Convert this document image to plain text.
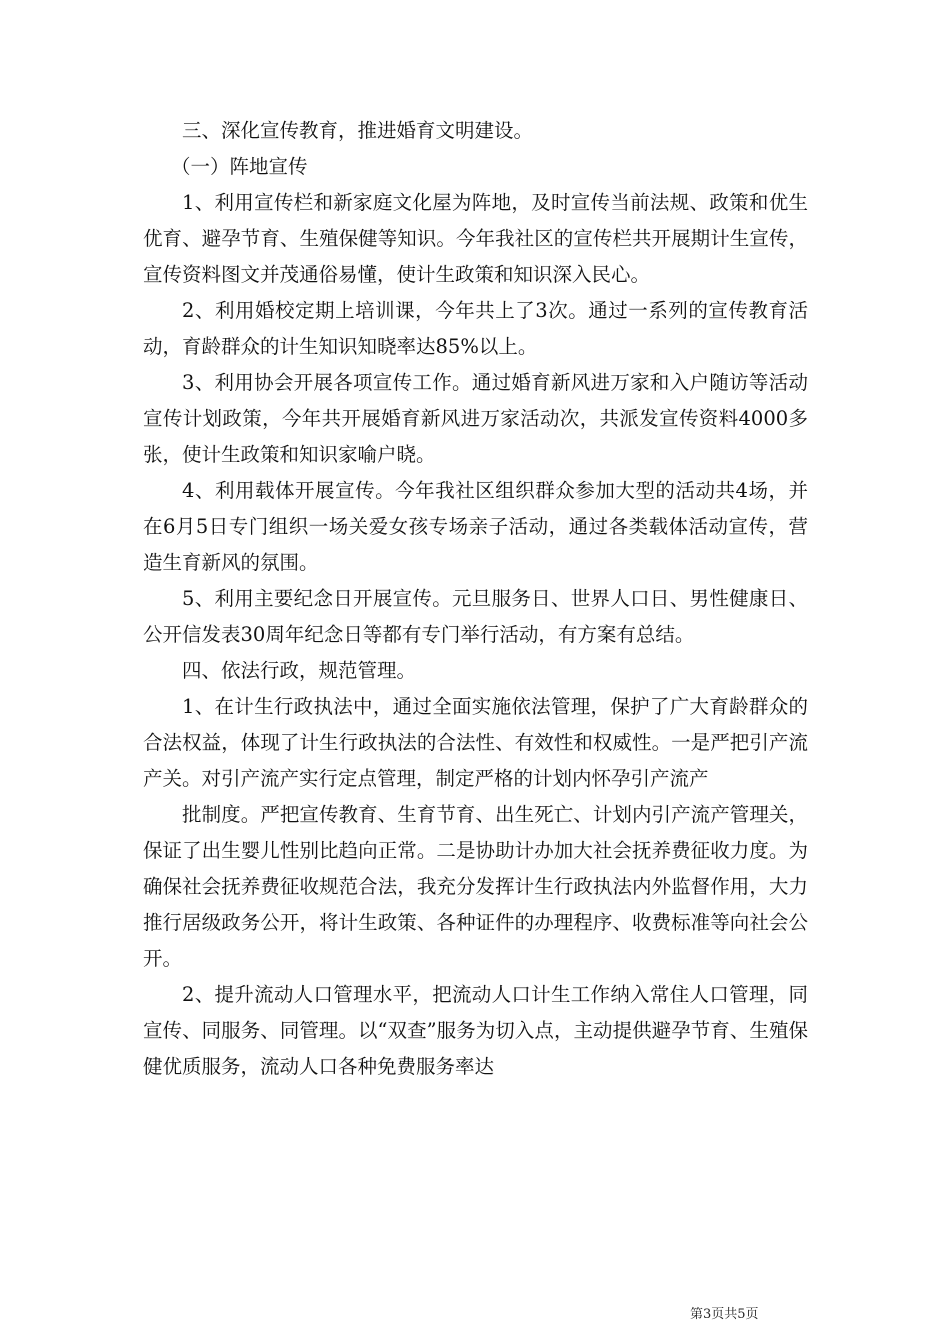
三、深化宣传教育，推进婚育文明建设。

（一）阵地宣传

1、利用宣传栏和新家庭文化屋为阵地，及时宣传当前法规、政策和优生优育、避孕节育、生殖保健等知识。今年我社区的宣传栏共开展期计生宣传，宣传资料图文并茂通俗易懂，使计生政策和知识深入民心。

2、利用婚校定期上培训课，今年共上了3次。通过一系列的宣传教育活动，育龄群众的计生知识知晓率达85%以上。

3、利用协会开展各项宣传工作。通过婚育新风进万家和入户随访等活动宣传计划政策，今年共开展婚育新风进万家活动次，共派发宣传资料4000多张，使计生政策和知识家喻户晓。

4、利用载体开展宣传。今年我社区组织群众参加大型的活动共4场，并在6月5日专门组织一场关爱女孩专场亲子活动，通过各类载体活动宣传，营造生育新风的氛围。

5、利用主要纪念日开展宣传。元旦服务日、世界人口日、男性健康日、公开信发表30周年纪念日等都有专门举行活动，有方案有总结。

四、依法行政，规范管理。

1、在计生行政执法中，通过全面实施依法管理，保护了广大育龄群众的合法权益，体现了计生行政执法的合法性、有效性和权威性。一是严把引产流产关。对引产流产实行定点管理，制定严格的计划内怀孕引产流产

批制度。严把宣传教育、生育节育、出生死亡、计划内引产流产管理关，保证了出生婴儿性别比趋向正常。二是协助计办加大社会抚养费征收力度。为确保社会抚养费征收规范合法，我充分发挥计生行政执法内外监督作用，大力推行居级政务公开，将计生政策、各种证件的办理程序、收费标准等向社会公开。

2、提升流动人口管理水平，把流动人口计生工作纳入常住人口管理，同宣传、同服务、同管理。以“双查”服务为切入点，主动提供避孕节育、生殖保健优质服务，流动人口各种免费服务率达

第3页共5页
